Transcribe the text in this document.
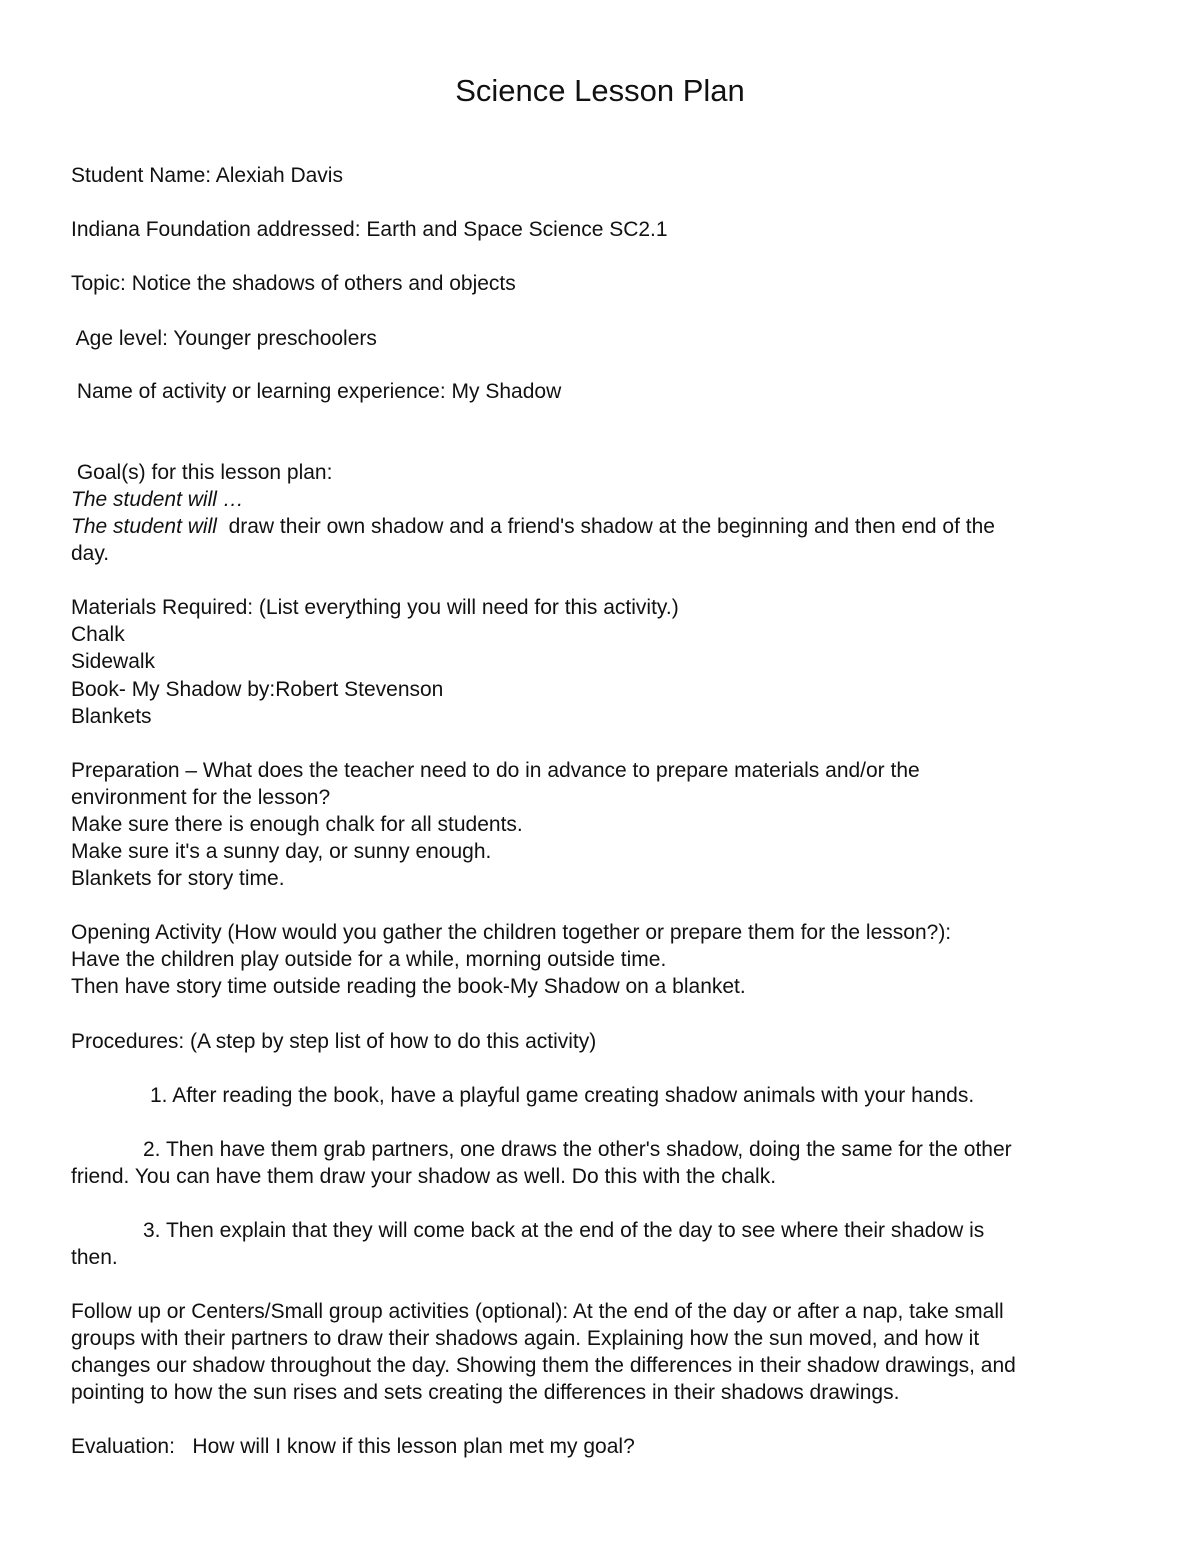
Science Lesson Plan

Student Name: Alexiah Davis

Indiana Foundation addressed: Earth and Space Science SC2.1

Topic: Notice the shadows of others and objects

Age level: Younger preschoolers

Name of activity or learning experience: My Shadow

Goal(s) for this lesson plan:

The student will …

The student will  draw their own shadow and a friend's shadow at the beginning and then end of the

day.

Materials Required: (List everything you will need for this activity.)

Chalk

Sidewalk

Book- My Shadow by:Robert Stevenson

Blankets

Preparation – What does the teacher need to do in advance to prepare materials and/or the

environment for the lesson?

Make sure there is enough chalk for all students.

Make sure it's a sunny day, or sunny enough.

Blankets for story time.

Opening Activity (How would you gather the children together or prepare them for the lesson?):

Have the children play outside for a while, morning outside time.

Then have story time outside reading the book-My Shadow on a blanket.

Procedures: (A step by step list of how to do this activity)

1. After reading the book, have a playful game creating shadow animals with your hands.

2. Then have them grab partners, one draws the other's shadow, doing the same for the other

friend. You can have them draw your shadow as well. Do this with the chalk.

3. Then explain that they will come back at the end of the day to see where their shadow is

then.

Follow up or Centers/Small group activities (optional): At the end of the day or after a nap, take small

groups with their partners to draw their shadows again. Explaining how the sun moved, and how it

changes our shadow throughout the day. Showing them the differences in their shadow drawings, and

pointing to how the sun rises and sets creating the differences in their shadows drawings.

Evaluation:   How will I know if this lesson plan met my goal?
